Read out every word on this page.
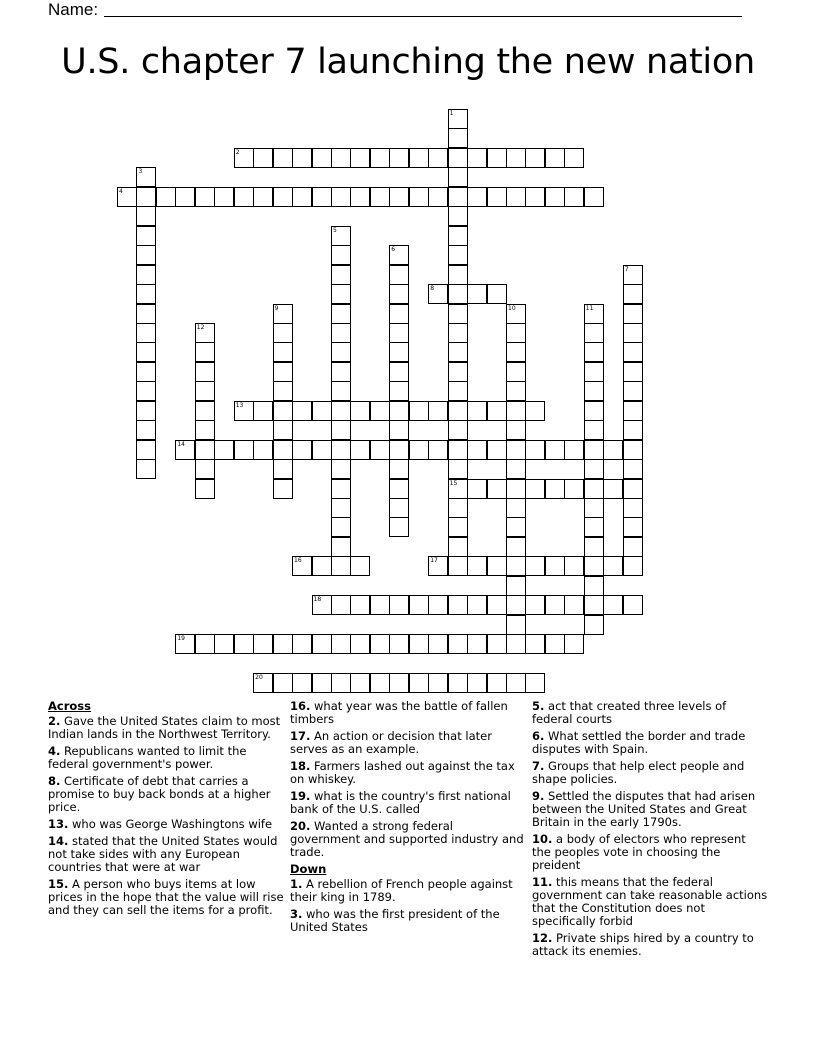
Name:
U.S. chapter 7 launching the new nation
1
15
2
3
4
5
6
7
8
9	10	11
12
13
14
16	17
18
19
20
Across
2. Gave the United States claim to most Indian lands in the Northwest Territory.
4. Republicans wanted to limit the federal government's power.
8. Certificate of debt that carries a promise to buy back bonds at a higher price.
13. who was George Washingtons wife
14. stated that the United States would not take sides with any European countries that were at war
15. A person who buys items at low prices in the hope that the value will rise and they can sell the items for a profit.
16. what year was the battle of fallen timbers
17. An action or decision that later serves as an example.
18. Farmers lashed out against the tax on whiskey.
19. what is the country's first national bank of the U.S. called
20. Wanted a strong federal government and supported industry and trade.
Down
1. A rebellion of French people against their king in 1789.
3. who was the first president of the United States
5. act that created three levels of federal courts
6. What settled the border and trade disputes with Spain.
7. Groups that help elect people and shape policies.
9. Settled the disputes that had arisen between the United States and Great Britain in the early 1790s.
10. a body of electors who represent the peoples vote in choosing the preident
11. this means that the federal government can take reasonable actions that the Constitution does not specifically forbid
12. Private ships hired by a country to attack its enemies.
